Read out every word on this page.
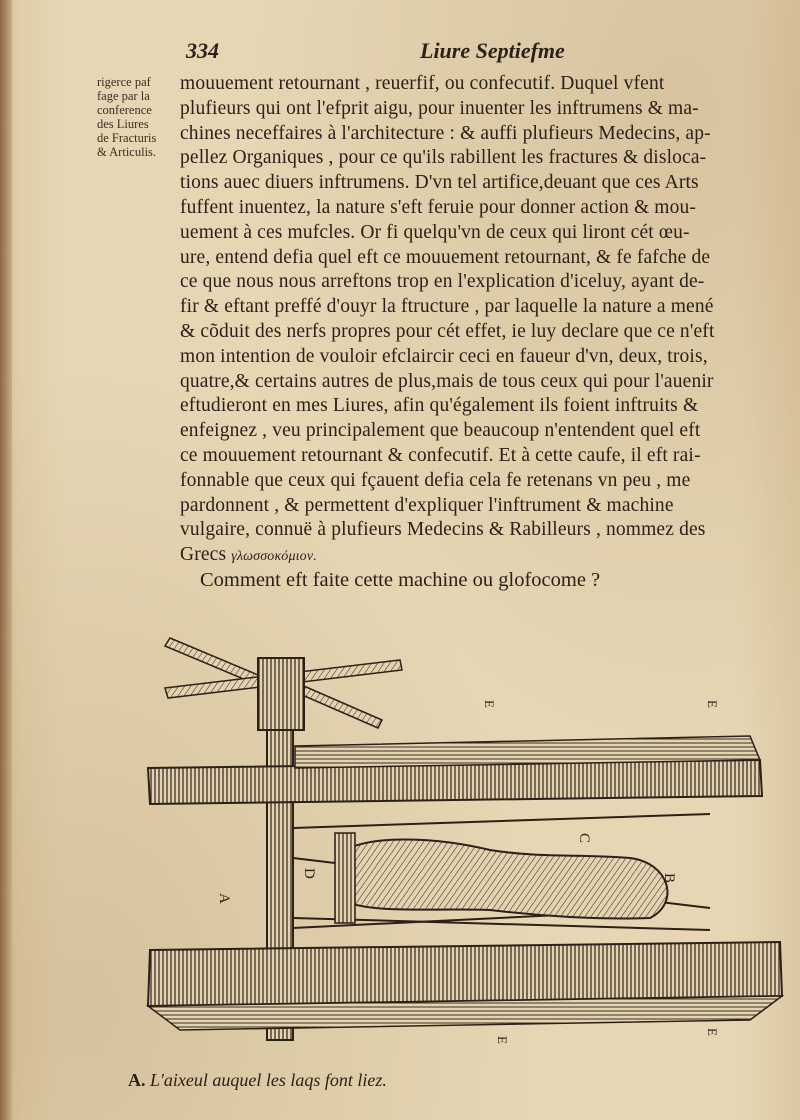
334	Liure Septiefme
rigerce paf
fage par la
conference
des Liures
de Fracturis
& Articulis.
mouuement retournant , reuerfif, ou confecutif. Duquel vfent
plufieurs qui ont l'efprit aigu, pour inuenter les inftrumens & ma-
chines neceffaires à l'architecture : & auffi plufieurs Medecins, ap-
pellez Organiques , pour ce qu'ils rabillent les fractures & disloca-
tions auec diuers inftrumens. D'vn tel artifice,deuant que ces Arts
fuffent inuentez, la nature s'eft feruie pour donner action & mou-
uement à ces mufcles. Or fi quelqu'vn de ceux qui liront cét œu-
ure, entend defia quel eft ce mouuement retournant, & fe fafche de
ce que nous nous arreftons trop en l'explication d'iceluy, ayant de-
fir & eftant preffé d'ouyr la ftructure , par laquelle la nature a mené
& cõduit des nerfs propres pour cét effet, ie luy declare que ce n'eft
mon intention de vouloir efclaircir ceci en faueur d'vn, deux, trois,
quatre,& certains autres de plus,mais de tous ceux qui pour l'auenir
eftudieront en mes Liures, afin qu'également ils foient inftruits &
enfeignez , veu principalement que beaucoup n'entendent quel eft
ce mouuement retournant & confecutif. Et à cette caufe, il eft rai-
fonnable que ceux qui fçauent defia cela fe retenans vn peu , me
pardonnent , & permettent d'expliquer l'inftrument & machine
vulgaire, connuë à plufieurs Medecins & Rabilleurs , nommez des
Grecs γλωσσοκόμιον.
Comment eft faite cette machine ou glofocome ?
A
B
C
D
E	E
E
E
A. L'aixeul auquel les laqs font liez.
